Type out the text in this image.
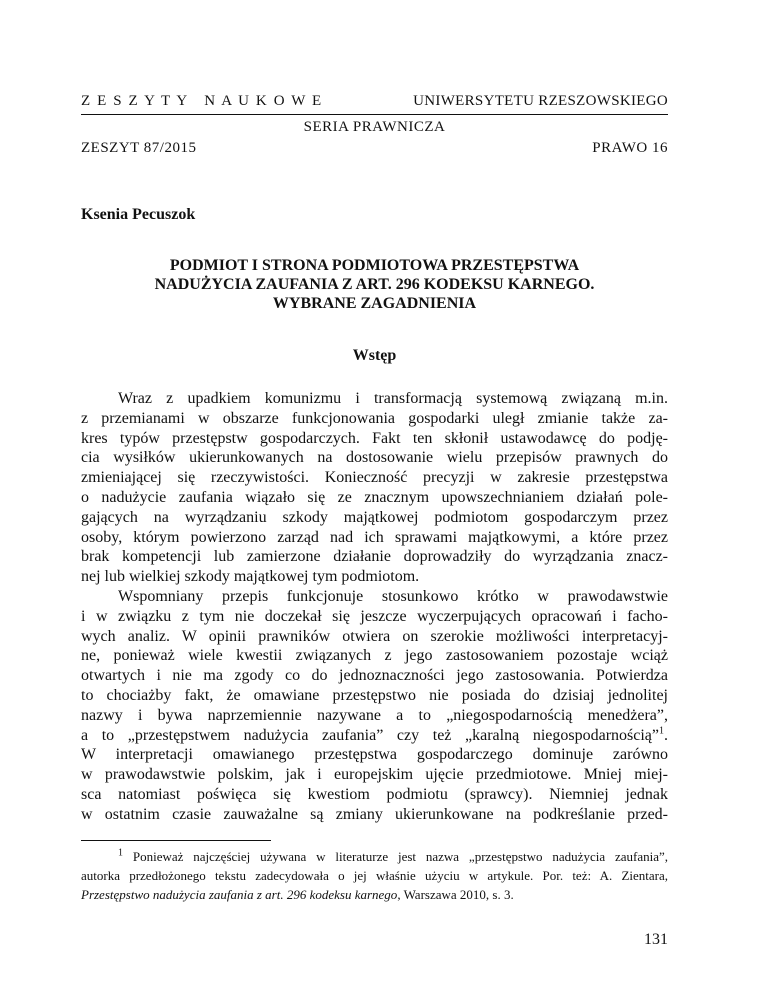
Z E S Z Y T Y   N A U K O W E	UNIWERSYTETU RZESZOWSKIEGO
SERIA PRAWNICZA
ZESZYT 87/2015	PRAWO 16
Ksenia Pecuszok
PODMIOT I STRONA PODMIOTOWA PRZESTĘPSTWA
NADUŻYCIA ZAUFANIA Z ART. 296 KODEKSU KARNEGO.
WYBRANE ZAGADNIENIA
Wstęp
Wraz z upadkiem komunizmu i transformacją systemową związaną m.in.
z przemianami w obszarze funkcjonowania gospodarki uległ zmianie także za-
kres typów przestępstw gospodarczych. Fakt ten skłonił ustawodawcę do podję-
cia wysiłków ukierunkowanych na dostosowanie wielu przepisów prawnych do
zmieniającej się rzeczywistości. Konieczność precyzji w zakresie przestępstwa
o nadużycie zaufania wiązało się ze znacznym upowszechnianiem działań pole-
gających na wyrządzaniu szkody majątkowej podmiotom gospodarczym przez
osoby, którym powierzono zarząd nad ich sprawami majątkowymi, a które przez
brak kompetencji lub zamierzone działanie doprowadziły do wyrządzania znacz-
nej lub wielkiej szkody majątkowej tym podmiotom.
Wspomniany przepis funkcjonuje stosunkowo krótko w prawodawstwie
i w związku z tym nie doczekał się jeszcze wyczerpujących opracowań i facho-
wych analiz. W opinii prawników otwiera on szerokie możliwości interpretacyj-
ne, ponieważ wiele kwestii związanych z jego zastosowaniem pozostaje wciąż
otwartych i nie ma zgody co do jednoznaczności jego zastosowania. Potwierdza
to chociażby fakt, że omawiane przestępstwo nie posiada do dzisiaj jednolitej
nazwy i bywa naprzemiennie nazywane a to „niegospodarnością menedżera”,
a to „przestępstwem nadużycia zaufania” czy też „karalną niegospodarnością”$^1$.
W interpretacji omawianego przestępstwa gospodarczego dominuje zarówno
w prawodawstwie polskim, jak i europejskim ujęcie przedmiotowe. Mniej miej-
sca natomiast poświęca się kwestiom podmiotu (sprawcy). Niemniej jednak
w ostatnim czasie zauważalne są zmiany ukierunkowane na podkreślanie przed-
$^1$ Ponieważ najczęściej używana w literaturze jest nazwa „przestępstwo nadużycia zaufania”,
autorka przedłożonego tekstu zadecydowała o jej właśnie użyciu w artykule. Por. też: A. Zientara,
Przestępstwo nadużycia zaufania z art. 296 kodeksu karnego, Warszawa 2010, s. 3.
131
